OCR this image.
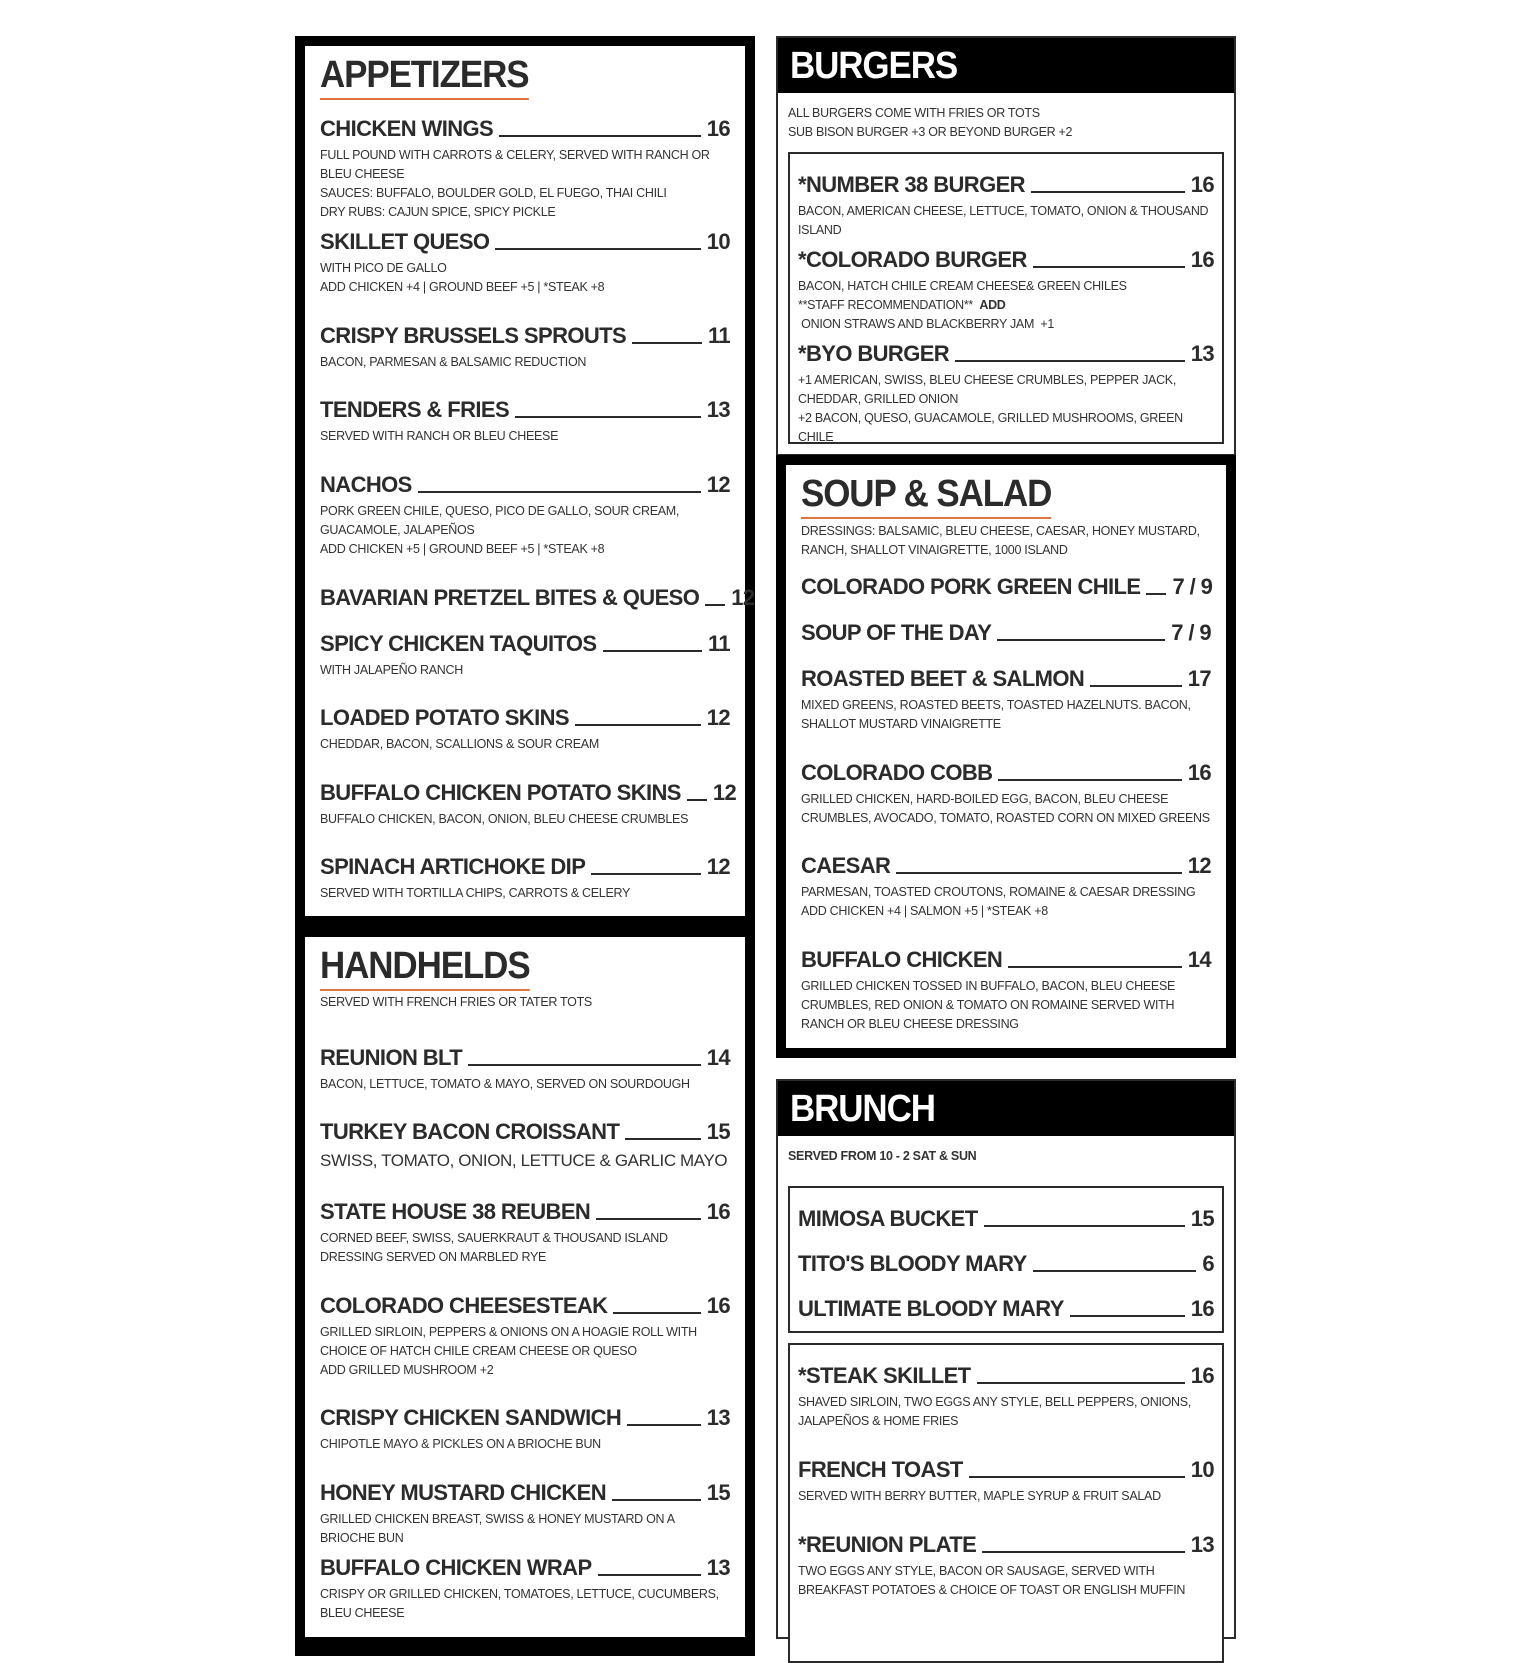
APPETIZERS
CHICKEN WINGS	16

FULL POUND WITH CARROTS & CELERY, SERVED WITH RANCH OR BLEU CHEESE

SAUCES: BUFFALO, BOULDER GOLD, EL FUEGO, THAI CHILI

DRY RUBS: CAJUN SPICE, SPICY PICKLE

SKILLET QUESO	10

WITH PICO DE GALLO

ADD CHICKEN +4 | GROUND BEEF +5 | *STEAK +8

CRISPY BRUSSELS SPROUTS	11

BACON, PARMESAN & BALSAMIC REDUCTION

TENDERS & FRIES	13

SERVED WITH RANCH OR BLEU CHEESE

NACHOS	12

PORK GREEN CHILE, QUESO, PICO DE GALLO, SOUR CREAM, GUACAMOLE, JALAPEÑOS

ADD CHICKEN +5 | GROUND BEEF +5 | *STEAK +8

BAVARIAN PRETZEL BITES & QUESO 12
SPICY CHICKEN TAQUITOS	11

WITH JALAPEÑO RANCH

LOADED POTATO SKINS	12

CHEDDAR, BACON, SCALLIONS & SOUR CREAM

BUFFALO CHICKEN POTATO SKINS 12

BUFFALO CHICKEN, BACON, ONION, BLEU CHEESE CRUMBLES

SPINACH ARTICHOKE DIP	12

SERVED WITH TORTILLA CHIPS, CARROTS & CELERY

HANDHELDS
SERVED WITH FRENCH FRIES OR TATER TOTS
REUNION BLT	14

BACON, LETTUCE, TOMATO & MAYO, SERVED ON SOURDOUGH

TURKEY BACON CROISSANT	15

SWISS, TOMATO, ONION, LETTUCE & GARLIC MAYO

STATE HOUSE 38 REUBEN	16

CORNED BEEF, SWISS, SAUERKRAUT & THOUSAND ISLAND DRESSING SERVED ON MARBLED RYE

COLORADO CHEESESTEAK	16

GRILLED SIRLOIN, PEPPERS & ONIONS ON A HOAGIE ROLL WITH CHOICE OF HATCH CHILE CREAM CHEESE OR QUESO

ADD GRILLED MUSHROOM +2

CRISPY CHICKEN SANDWICH	13

CHIPOTLE MAYO & PICKLES ON A BRIOCHE BUN

HONEY MUSTARD CHICKEN	15

GRILLED CHICKEN BREAST, SWISS & HONEY MUSTARD ON A BRIOCHE BUN

BUFFALO CHICKEN WRAP	13

CRISPY OR GRILLED CHICKEN, TOMATOES, LETTUCE, CUCUMBERS, BLEU CHEESE

BURGERS

ALL BURGERS COME WITH FRIES OR TOTS

SUB BISON BURGER +3 OR BEYOND BURGER +2

*NUMBER 38 BURGER	16

BACON, AMERICAN CHEESE, LETTUCE, TOMATO, ONION & THOUSAND ISLAND

*COLORADO BURGER	16

BACON, HATCH CHILE CREAM CHEESE& GREEN CHILES

**STAFF RECOMMENDATION**  ADD ONION STRAWS AND BLACKBERRY JAM  +1

*BYO BURGER	13

+1 AMERICAN, SWISS, BLEU CHEESE CRUMBLES, PEPPER JACK, CHEDDAR, GRILLED ONION

+2 BACON, QUESO, GUACAMOLE, GRILLED MUSHROOMS, GREEN CHILE

SOUP & SALAD

DRESSINGS: BALSAMIC, BLEU CHEESE, CAESAR, HONEY MUSTARD, RANCH, SHALLOT VINAIGRETTE, 1000 ISLAND

COLORADO PORK GREEN CHILE 7 / 9
SOUP OF THE DAY	7 / 9
ROASTED BEET & SALMON	17

MIXED GREENS, ROASTED BEETS, TOASTED HAZELNUTS. BACON, SHALLOT MUSTARD VINAIGRETTE

COLORADO COBB	16

GRILLED CHICKEN, HARD-BOILED EGG, BACON, BLEU CHEESE CRUMBLES, AVOCADO, TOMATO, ROASTED CORN ON MIXED GREENS

CAESAR	12

PARMESAN, TOASTED CROUTONS, ROMAINE & CAESAR DRESSING

ADD CHICKEN +4 | SALMON +5 | *STEAK +8

BUFFALO CHICKEN	14

GRILLED CHICKEN TOSSED IN BUFFALO, BACON, BLEU CHEESE CRUMBLES, RED ONION & TOMATO ON ROMAINE SERVED WITH RANCH OR BLEU CHEESE DRESSING

BRUNCH

SERVED FROM 10 - 2 SAT & SUN

MIMOSA BUCKET	15
TITO'S BLOODY MARY	6
ULTIMATE BLOODY MARY	16
*STEAK SKILLET	16

SHAVED SIRLOIN, TWO EGGS ANY STYLE, BELL PEPPERS, ONIONS, JALAPEÑOS & HOME FRIES

FRENCH TOAST	10

SERVED WITH BERRY BUTTER, MAPLE SYRUP & FRUIT SALAD

*REUNION PLATE	13

TWO EGGS ANY STYLE, BACON OR SAUSAGE, SERVED WITH BREAKFAST POTATOES & CHOICE OF TOAST OR ENGLISH MUFFIN
